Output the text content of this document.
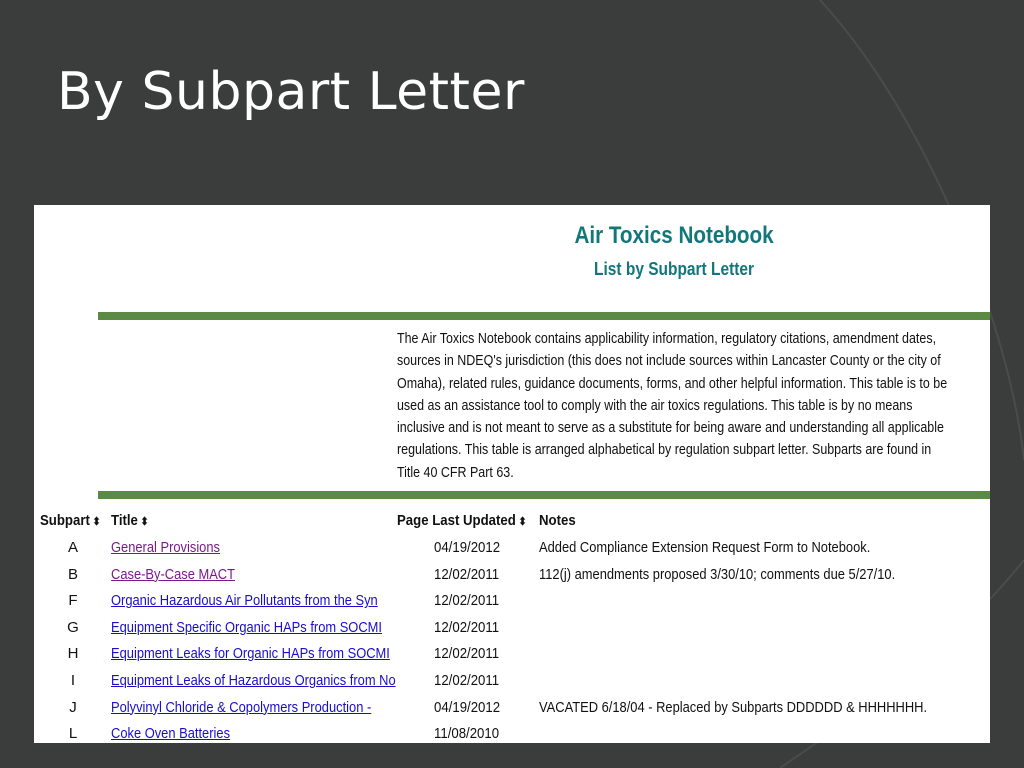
By Subpart Letter
Air Toxics Notebook
List by Subpart Letter
The Air Toxics Notebook contains applicability information, regulatory citations, amendment dates, sources in NDEQ's jurisdiction (this does not include sources within Lancaster County or the city of Omaha), related rules, guidance documents, forms, and other helpful information. This table is to be used as an assistance tool to comply with the air toxics regulations. This table is by no means inclusive and is not meant to serve as a substitute for being aware and understanding all applicable regulations. This table is arranged alphabetical by regulation subpart letter. Subparts are found in Title 40 CFR Part 63.
Subpart ⬍ Title ⬍	Page Last Updated ⬍ Notes
A General Provisions	04/19/2012	Added Compliance Extension Request Form to Notebook.
B Case-By-Case MACT	12/02/2011	112(j) amendments proposed 3/30/10; comments due 5/27/10.
F Organic Hazardous Air Pollutants from the Syn	12/02/2011
G Equipment Specific Organic HAPs from SOCMI	12/02/2011
H Equipment Leaks for Organic HAPs from SOCMI	12/02/2011
I Equipment Leaks of Hazardous Organics from No	12/02/2011
J Polyvinyl Chloride & Copolymers Production -	04/19/2012	VACATED 6/18/04 - Replaced by Subparts DDDDDD & HHHHHHH.
L Coke Oven Batteries	11/08/2010
